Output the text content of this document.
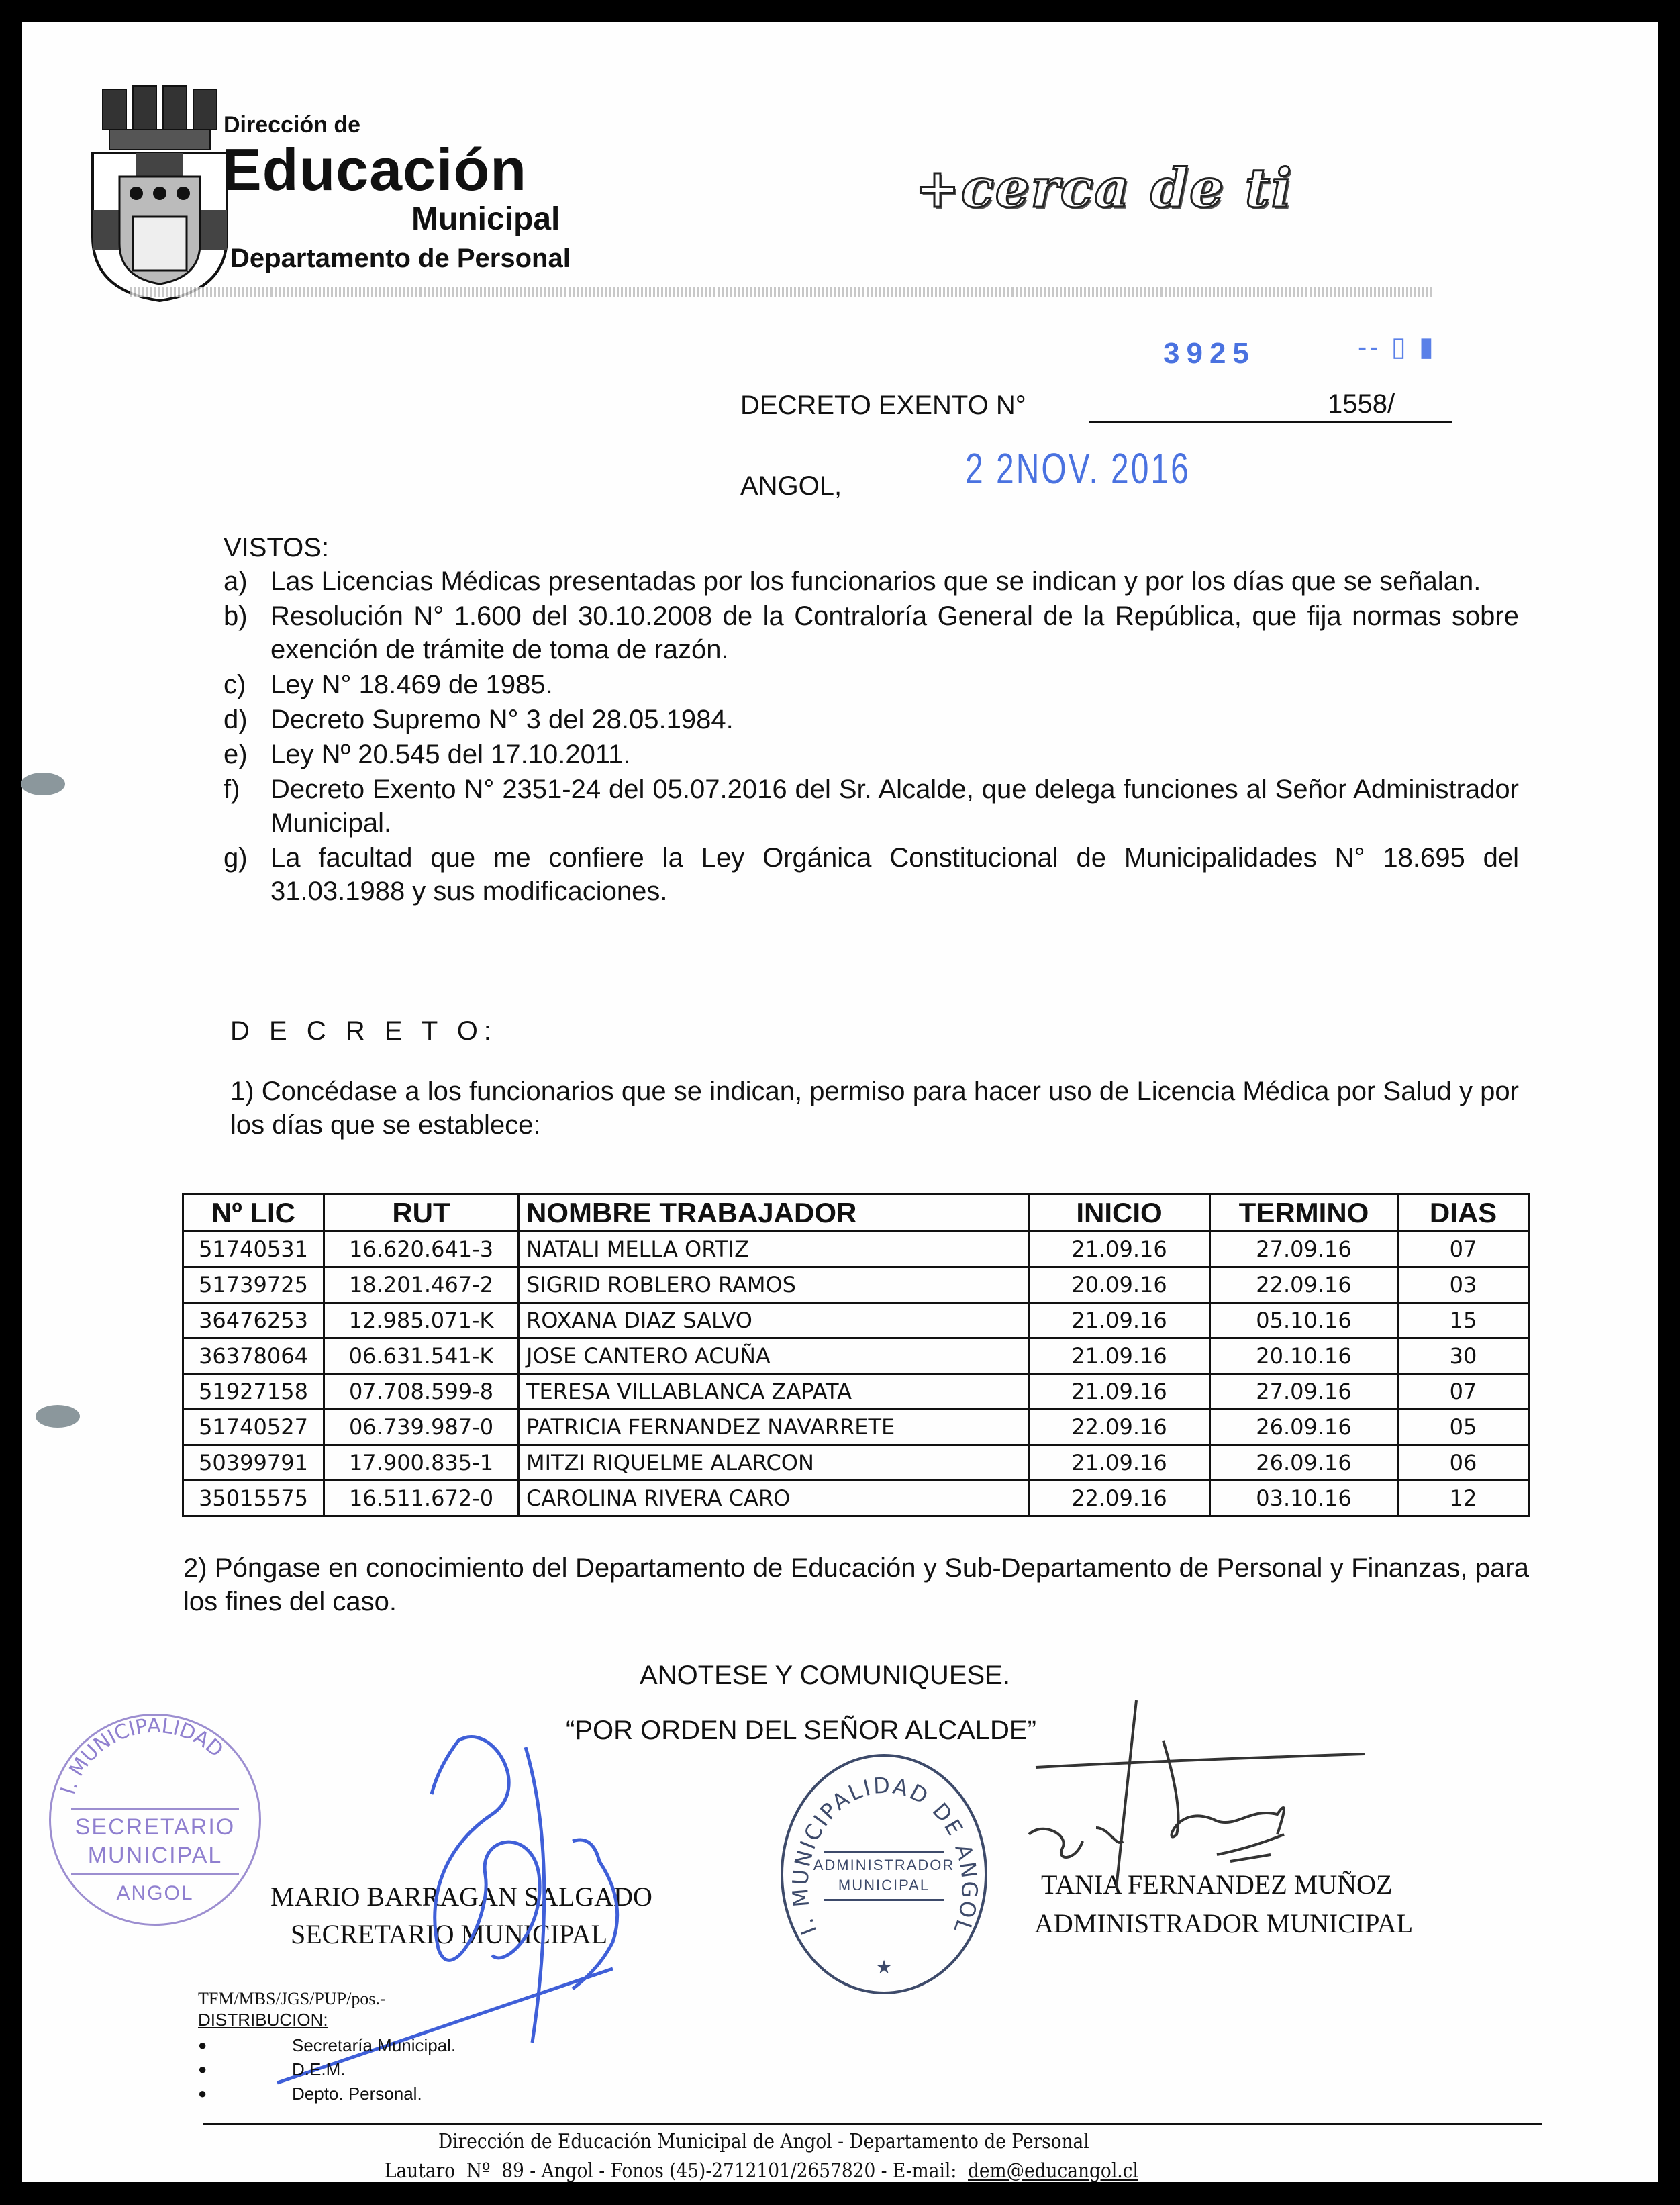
Dirección de
Educación
Municipal
Departamento de Personal
+cerca de ti
3925	-- ▯ ▮
DECRETO EXENTO N°	1558/
ANGOL,	2 2NOV. 2016
VISTOS:
a) Las Licencias Médicas presentadas por los funcionarios que se indican y por los días que se señalan.
b) Resolución N° 1.600 del 30.10.2008 de la Contraloría General de la República, que fija normas sobre exención de trámite de toma de razón.
c) Ley N° 18.469 de 1985.
d) Decreto Supremo N° 3 del 28.05.1984.
e) Ley Nº 20.545 del 17.10.2011.
f)	Decreto Exento N° 2351-24 del 05.07.2016 del Sr. Alcalde, que delega funciones al Señor Administrador Municipal.
g) La facultad que me confiere la Ley Orgánica Constitucional de Municipalidades N° 18.695 del 31.03.1988 y sus modificaciones.
D E C R E T O:
1) Concédase a los funcionarios que se indican, permiso para hacer uso de Licencia Médica por Salud y por los días que se establece:
Nº LIC	RUT	NOMBRE TRABAJADOR	INICIO	TERMINO	DIAS
51740531	16.620.641-3	NATALI MELLA ORTIZ	21.09.16	27.09.16	07
51739725	18.201.467-2	SIGRID ROBLERO RAMOS	20.09.16	22.09.16	03
36476253	12.985.071-K	ROXANA DIAZ SALVO	21.09.16	05.10.16	15
36378064	06.631.541-K	JOSE CANTERO ACUÑA	21.09.16	20.10.16	30
51927158	07.708.599-8	TERESA VILLABLANCA ZAPATA	21.09.16	27.09.16	07
51740527	06.739.987-0	PATRICIA FERNANDEZ NAVARRETE	22.09.16	26.09.16	05
50399791	17.900.835-1	MITZI RIQUELME ALARCON	21.09.16	26.09.16	06
35015575	16.511.672-0	CAROLINA RIVERA CARO	22.09.16	03.10.16	12
2) Póngase en conocimiento del Departamento de Educación y Sub-Departamento de Personal y Finanzas, para los fines del caso.
ANOTESE Y COMUNIQUESE.
“POR ORDEN DEL SEÑOR ALCALDE”
I. MUNICIPALIDAD
SECRETARIO
MUNICIPAL
ANGOL
I. MUNICIPALIDAD DE ANGOL
ADMINISTRADOR
MUNICIPAL
★
MARIO BARRAGAN SALGADO
SECRETARIO MUNICIPAL
TANIA FERNANDEZ MUÑOZ
ADMINISTRADOR MUNICIPAL
TFM/MBS/JGS/PUP/pos.-
DISTRIBUCION:
●	Secretaría Municipal.
●	D.E.M.
●	Depto. Personal.
Dirección de Educación Municipal de Angol - Departamento de Personal
Lautaro  Nº  89 - Angol - Fonos (45)-2712101/2657820 - E-mail:  dem@educangol.cl
